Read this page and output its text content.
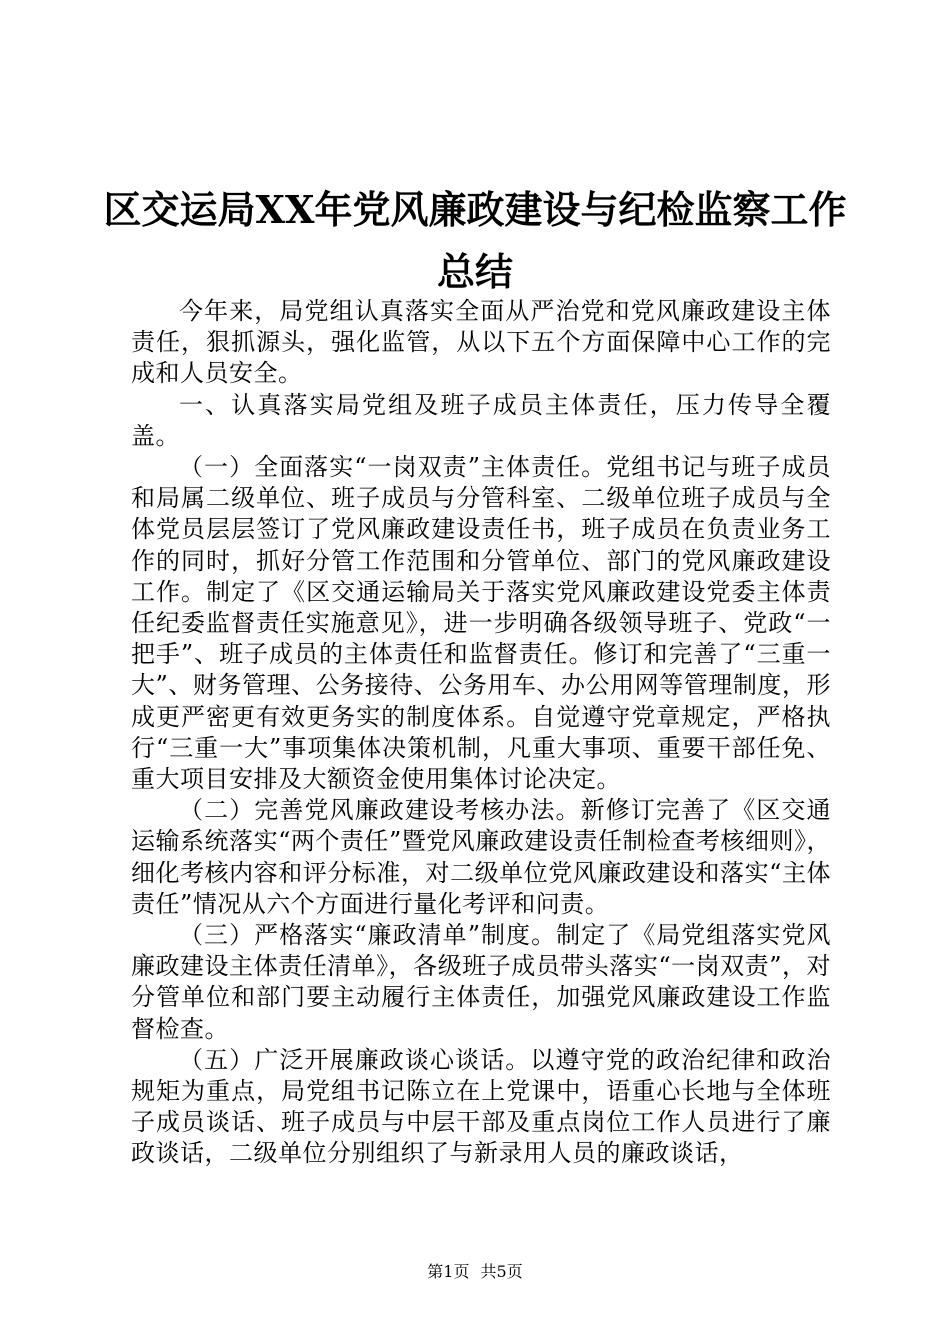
区交运局XX年党风廉政建设与纪检监察工作
总结

今年来，局党组认真落实全面从严治党和党风廉政建设主体责任，狠抓源头，强化监管，从以下五个方面保障中心工作的完成和人员安全。

一、认真落实局党组及班子成员主体责任，压力传导全覆盖。

（一）全面落实“一岗双责”主体责任。党组书记与班子成员和局属二级单位、班子成员与分管科室、二级单位班子成员与全体党员层层签订了党风廉政建设责任书，班子成员在负责业务工作的同时，抓好分管工作范围和分管单位、部门的党风廉政建设工作。制定了《区交通运输局关于落实党风廉政建设党委主体责任纪委监督责任实施意见》，进一步明确各级领导班子、党政“一把手”、班子成员的主体责任和监督责任。修订和完善了“三重一大”、财务管理、公务接待、公务用车、办公用网等管理制度，形成更严密更有效更务实的制度体系。自觉遵守党章规定，严格执行“三重一大”事项集体决策机制，凡重大事项、重要干部任免、重大项目安排及大额资金使用集体讨论决定。

（二）完善党风廉政建设考核办法。新修订完善了《区交通运输系统落实“两个责任”暨党风廉政建设责任制检查考核细则》，细化考核内容和评分标准，对二级单位党风廉政建设和落实“主体责任”情况从六个方面进行量化考评和问责。

（三）严格落实“廉政清单”制度。制定了《局党组落实党风廉政建设主体责任清单》，各级班子成员带头落实“一岗双责”，对分管单位和部门要主动履行主体责任，加强党风廉政建设工作监督检查。

（五）广泛开展廉政谈心谈话。以遵守党的政治纪律和政治规矩为重点，局党组书记陈立在上党课中，语重心长地与全体班子成员谈话、班子成员与中层干部及重点岗位工作人员进行了廉政谈话，二级单位分别组织了与新录用人员的廉政谈话，

第1页 共5页
